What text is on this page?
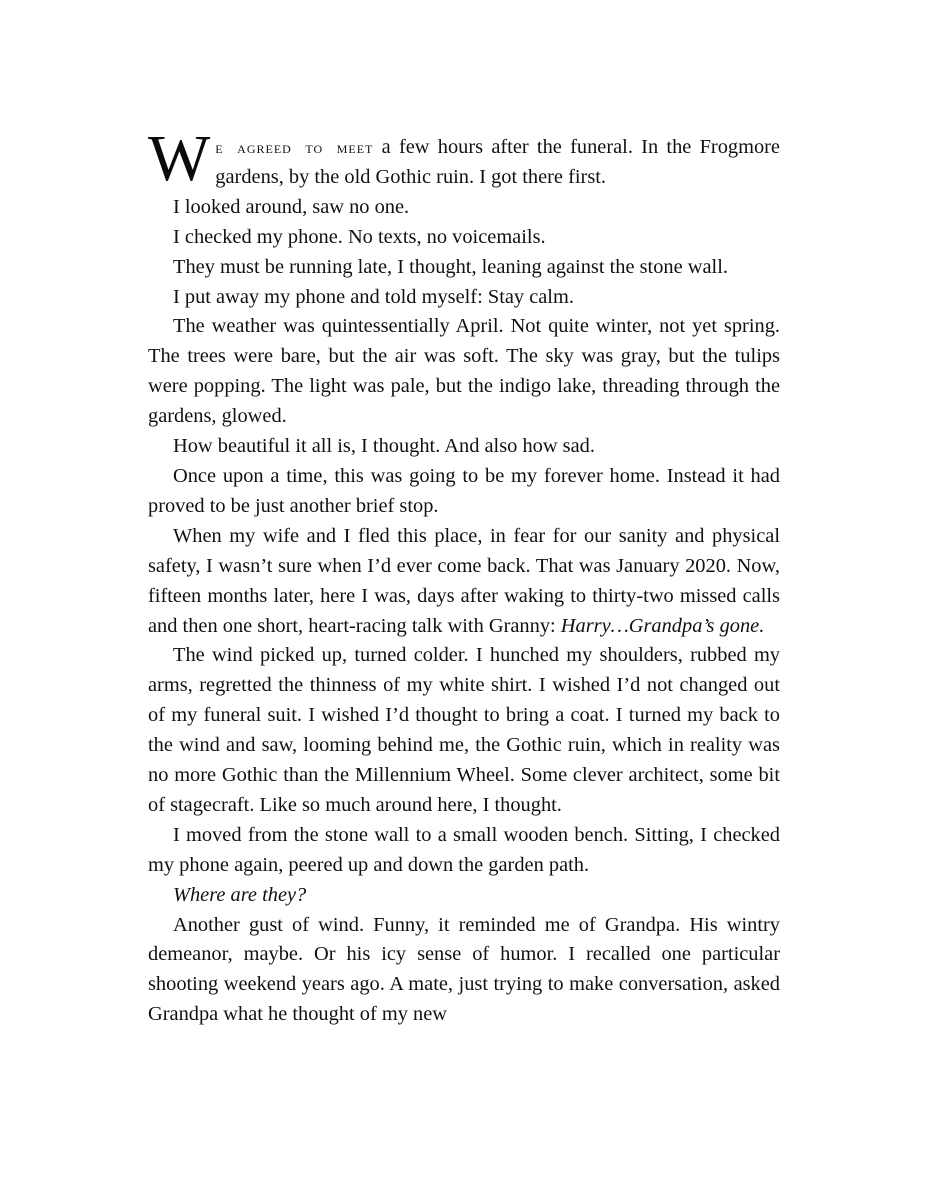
We agreed to meet a few hours after the funeral. In the Frogmore gardens, by the old Gothic ruin. I got there first.

I looked around, saw no one.

I checked my phone. No texts, no voicemails.

They must be running late, I thought, leaning against the stone wall.

I put away my phone and told myself: Stay calm.

The weather was quintessentially April. Not quite winter, not yet spring. The trees were bare, but the air was soft. The sky was gray, but the tulips were popping. The light was pale, but the indigo lake, threading through the gardens, glowed.

How beautiful it all is, I thought. And also how sad.

Once upon a time, this was going to be my forever home. Instead it had proved to be just another brief stop.

When my wife and I fled this place, in fear for our sanity and physical safety, I wasn’t sure when I’d ever come back. That was January 2020. Now, fifteen months later, here I was, days after waking to thirty-two missed calls and then one short, heart-racing talk with Granny: Harry…Grandpa’s gone.

The wind picked up, turned colder. I hunched my shoulders, rubbed my arms, regretted the thinness of my white shirt. I wished I’d not changed out of my funeral suit. I wished I’d thought to bring a coat. I turned my back to the wind and saw, looming behind me, the Gothic ruin, which in reality was no more Gothic than the Millennium Wheel. Some clever architect, some bit of stagecraft. Like so much around here, I thought.

I moved from the stone wall to a small wooden bench. Sitting, I checked my phone again, peered up and down the garden path.

Where are they?

Another gust of wind. Funny, it reminded me of Grandpa. His wintry demeanor, maybe. Or his icy sense of humor. I recalled one particular shooting weekend years ago. A mate, just trying to make conversation, asked Grandpa what he thought of my new
